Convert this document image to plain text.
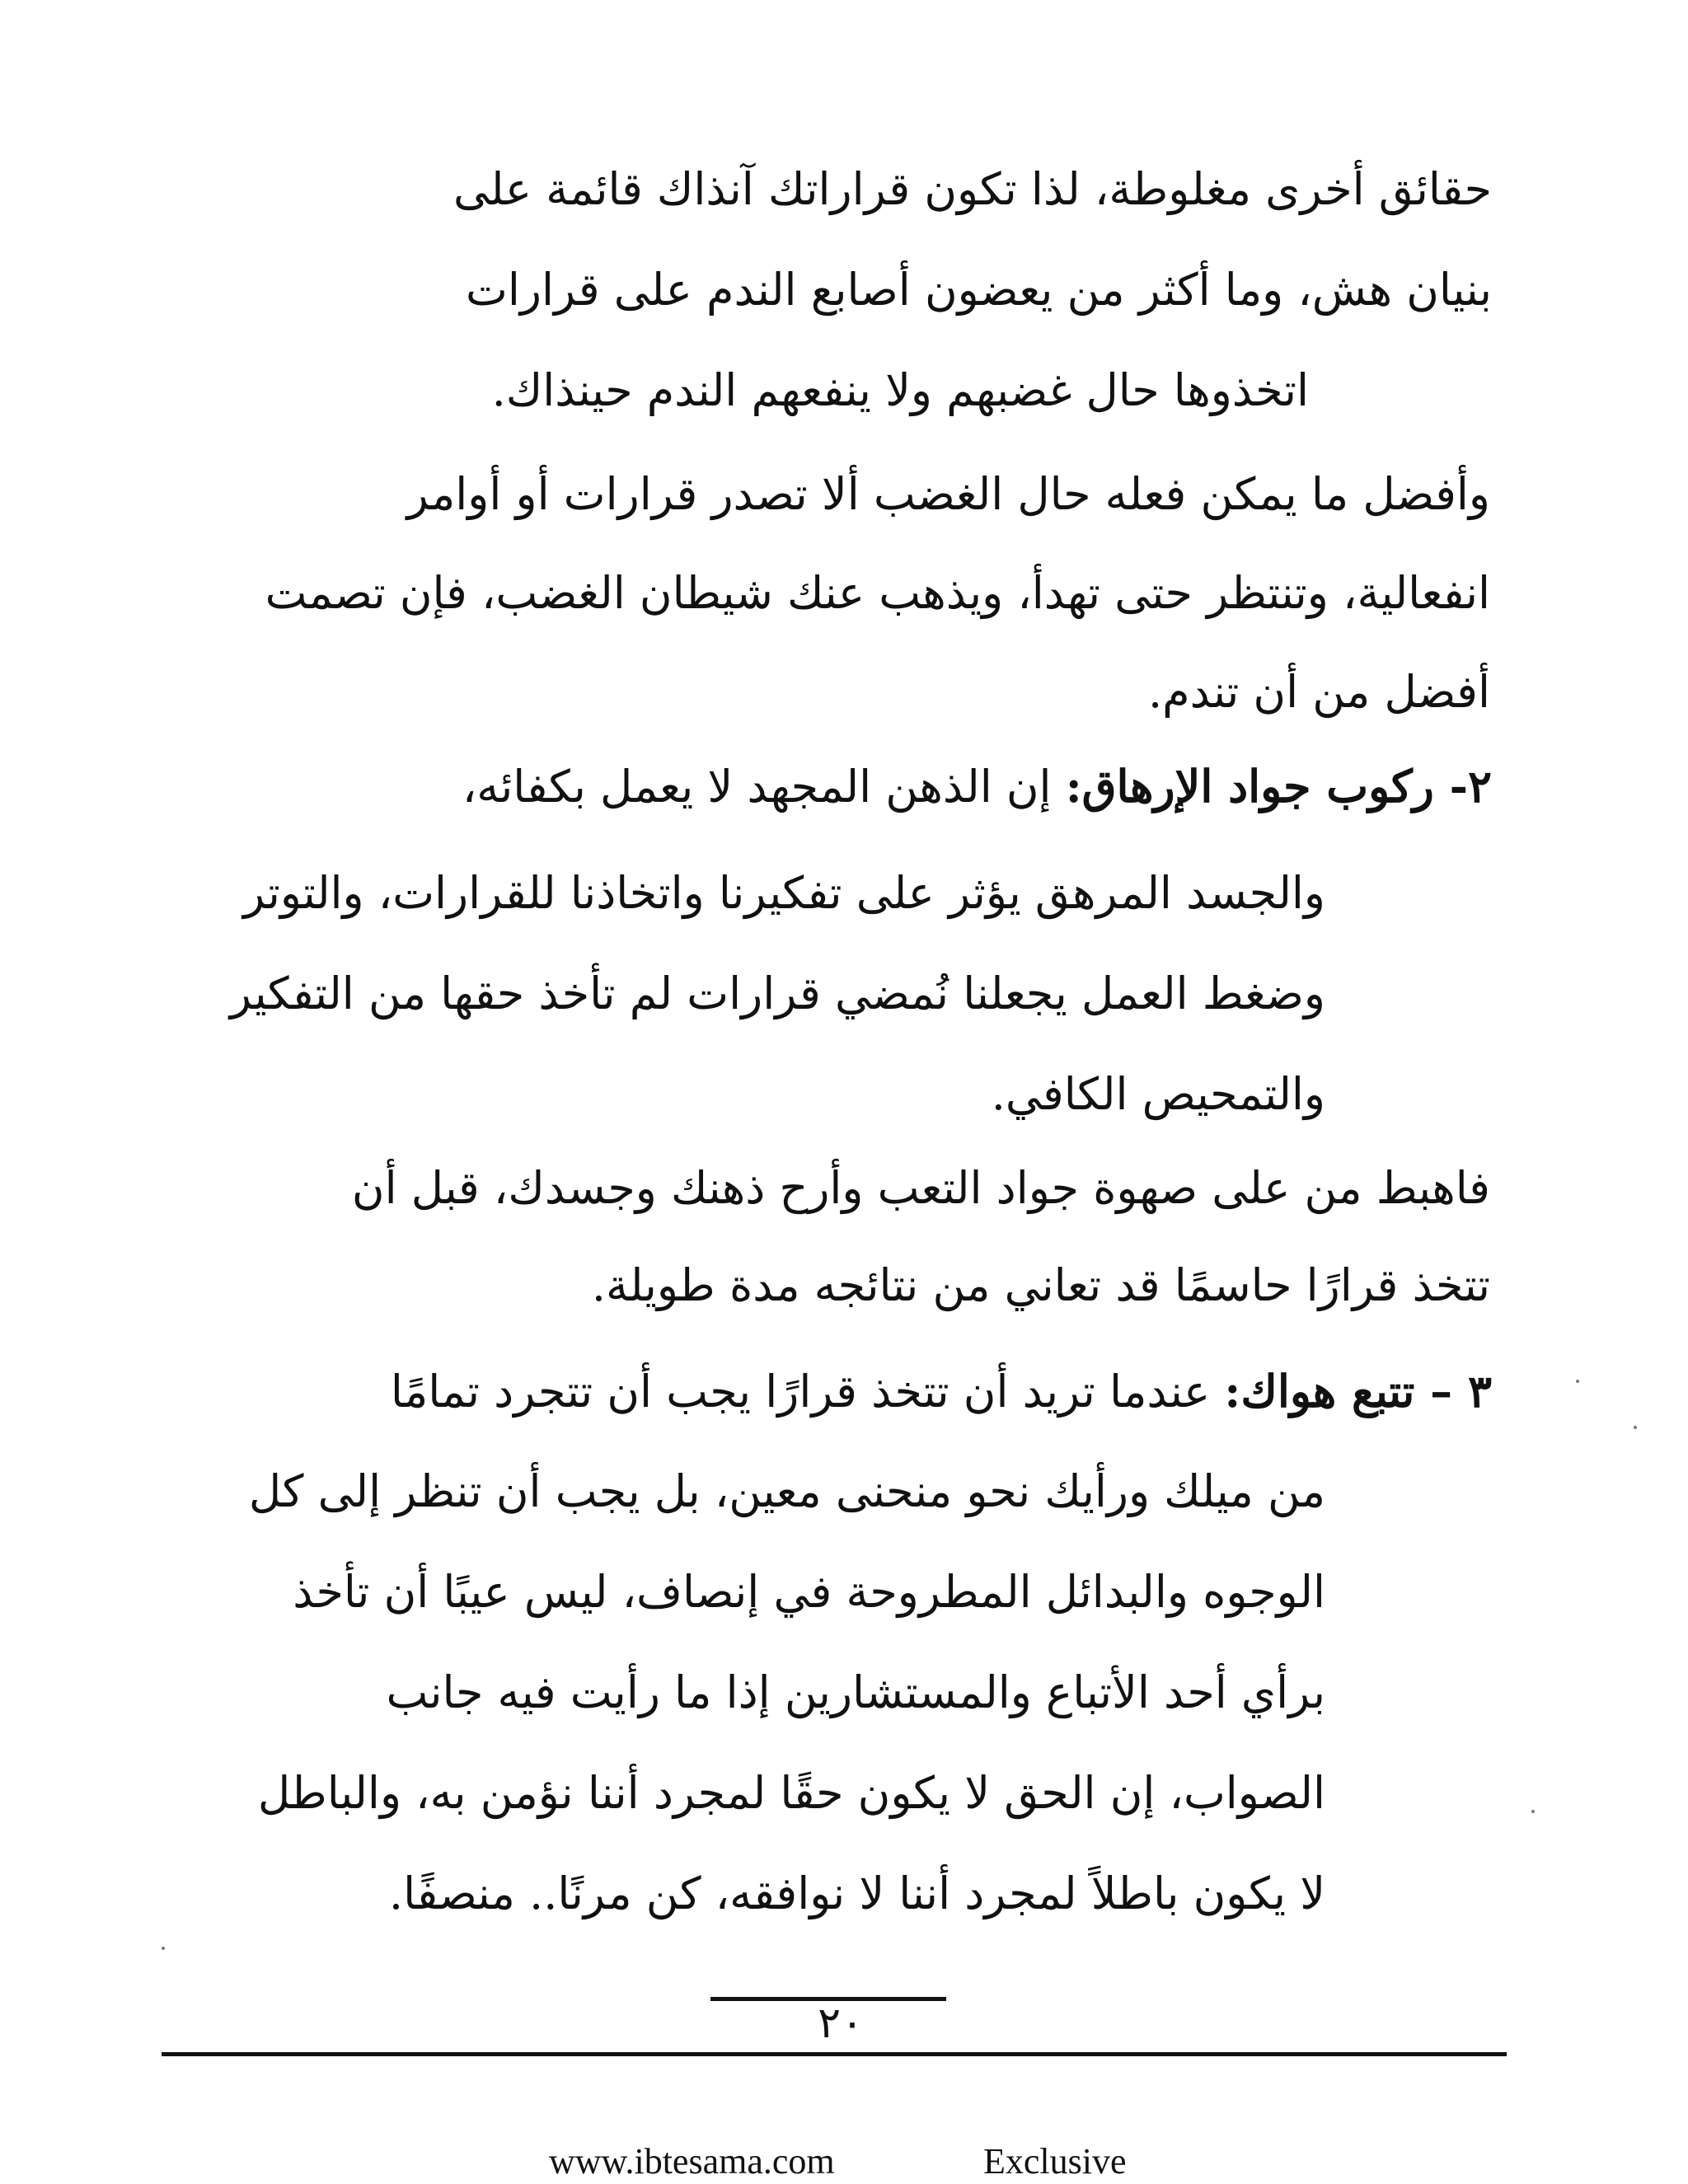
حقائق أخرى مغلوطة، لذا تكون قراراتك آنذاك قائمة على
بنيان هش، وما أكثر من يعضون أصابع الندم على قرارات
اتخذوها حال غضبهم ولا ينفعهم الندم حينذاك.
وأفضل ما يمكن فعله حال الغضب ألا تصدر قرارات أو أوامر
انفعالية، وتنتظر حتى تهدأ، ويذهب عنك شيطان الغضب، فإن تصمت
أفضل من أن تندم.
٢- ركوب جواد الإرهاق: إن الذهن المجهد لا يعمل بكفائه،
والجسد المرهق يؤثر على تفكيرنا واتخاذنا للقرارات، والتوتر
وضغط العمل يجعلنا نُمضي قرارات لم تأخذ حقها من التفكير
والتمحيص الكافي.
فاهبط من على صهوة جواد التعب وأرح ذهنك وجسدك، قبل أن
تتخذ قرارًا حاسمًا قد تعاني من نتائجه مدة طويلة.
٣ – تتبع هواك: عندما تريد أن تتخذ قرارًا يجب أن تتجرد تمامًا
من ميلك ورأيك نحو منحنى معين، بل يجب أن تنظر إلى كل
الوجوه والبدائل المطروحة في إنصاف، ليس عيبًا أن تأخذ
برأي أحد الأتباع والمستشارين إذا ما رأيت فيه جانب
الصواب، إن الحق لا يكون حقًا لمجرد أننا نؤمن به، والباطل
لا يكون باطلاً لمجرد أننا لا نوافقه، كن مرنًا.. منصفًا.
٢٠
www.ibtesama.com	Exclusive
